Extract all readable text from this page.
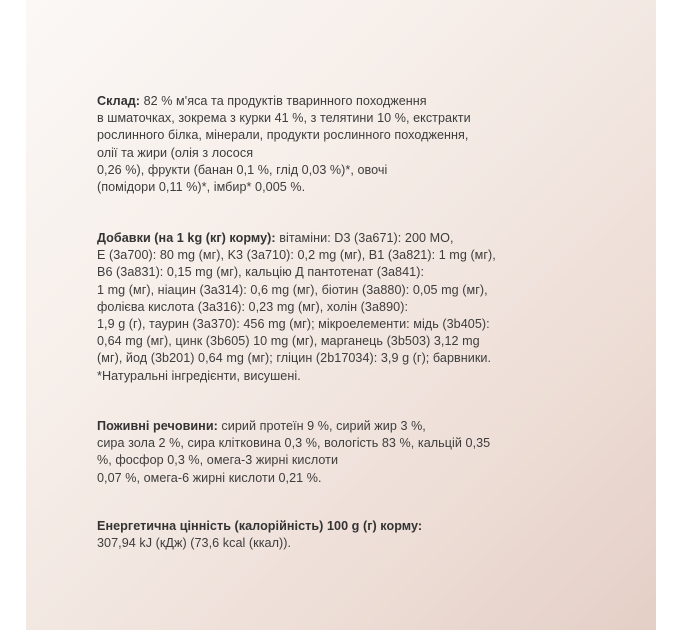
Склад: 82 % м'яса та продуктів тваринного походження
в шматочках, зокрема з курки 41 %, з телятини 10 %, екстракти
рослинного білка, мінерали, продукти рослинного походження,
олії та жири (олія з лосося
0,26 %), фрукти (банан 0,1 %, глід 0,03 %)*, овочі
(помідори 0,11 %)*, імбир* 0,005 %.
Добавки (на 1 kg (кг) корму): вітаміни: D3 (3а671): 200 МО,
E (3а700): 80 mg (мг), K3 (3а710): 0,2 mg (мг), B1 (3а821): 1 mg (мг),
B6 (3а831): 0,15 mg (мг), кальцію Д пантотенат (3а841):
1 mg (мг), ніацин (3а314): 0,6 mg (мг), біотин (3а880): 0,05 mg (мг),
фолієва кислота (3а316): 0,23 mg (мг), холін (3а890):
1,9 g (г), таурин (3а370): 456 mg (мг); мікроелементи: мідь (3b405):
0,64 mg (мг), цинк (3b605) 10 mg (мг), марганець (3b503) 3,12 mg
(мг), йод (3b201) 0,64 mg (мг); гліцин (2b17034): 3,9 g (г); барвники.
*Натуральні інгредієнти, висушені.
Поживні речовини: сирий протеїн 9 %, сирий жир 3 %,
сира зола 2 %, сира клітковина 0,3 %, вологість 83 %, кальцій 0,35
%, фосфор 0,3 %, омега-3 жирні кислоти
0,07 %, омега-6 жирні кислоти 0,21 %.
Енергетична цінність (калорійність) 100 g (г) корму:
307,94 kJ (кДж) (73,6 kcal (ккал)).
